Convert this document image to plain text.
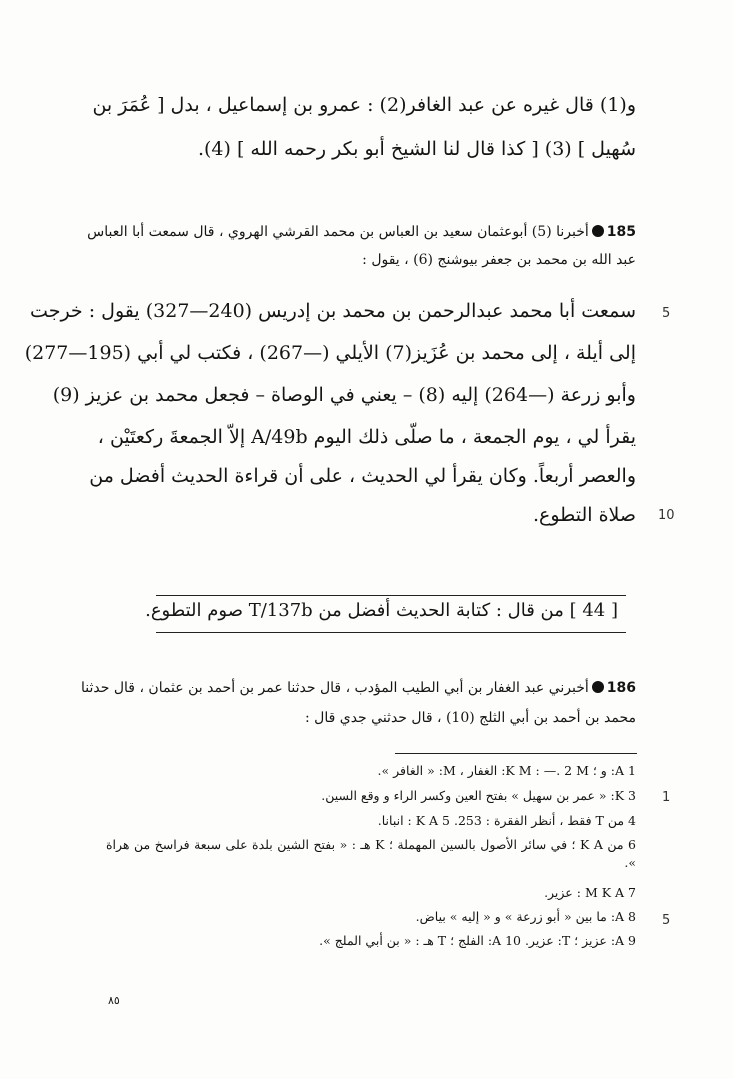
و(1) قال غيره عن عبد الغافر(2) : عمرو بن إسماعيل ، بدل [ عُمَرَ بن
سُهيل ] (3) [ كذا قال لنا الشيخ أبو بكر رحمه الله ] (4).
185أخبرنا (5) أبوعثمان سعيد بن العباس بن محمد القرشي الهروي ، قال سمعت أبا العباس
عبد الله بن محمد بن جعفر بيوشنج (6) ، يقول :
سمعت أبا محمد عبدالرحمن بن محمد بن إدريس (240—327) يقول : خرجت
إلى أيلة ، إلى محمد بن عُزَيز(7) الأيلي (—267) ، فكتب لي أبي (195—277)
وأبو زرعة (—264) إليه (8) – يعني في الوصاة – فجعل محمد بن عزيز (9)
يقرأ لي ، يوم الجمعة ، ما صلّى ذلك اليوم A/49b إلاّ الجمعةَ ركعتَيْن ،
والعصر أربعاً. وكان يقرأ لي الحديث ، على أن قراءة الحديث أفضل من
صلاة التطوع.
5
10
[ 44 ] من قال : كتابة الحديث أفضل من T/137b صوم التطوع.
186أخبرني عبد الغفار بن أبي الطيب المؤدب ، قال حدثنا عمر بن أحمد بن عثمان ، قال حدثنا
محمد بن أحمد بن أبي الثلج (10) ، قال حدثني جدي قال :
1 A: و ؛ K M : —. 2 M: الغفار ، M: « الغافر ».
3 K: « عمر بن سهيل » بفتح العين وكسر الراء و وقع السين.
4 من T فقط ، أنظر الفقرة : 253. 5 K A : انبانا.
6 من K A ؛ في سائر الأصول بالسين المهملة ؛ K هـ : « بفتح الشين بلدة على سبعة فراسخ من هراة ».
7 M K A : عزير.
8 A: ما بين « أبو زرعة » و « إليه » بياض.
9 A: عزيز ؛ T: عزير. 10 A: الفلج ؛ T هـ : « بن أبي الملج ».
1
5
٨٥
